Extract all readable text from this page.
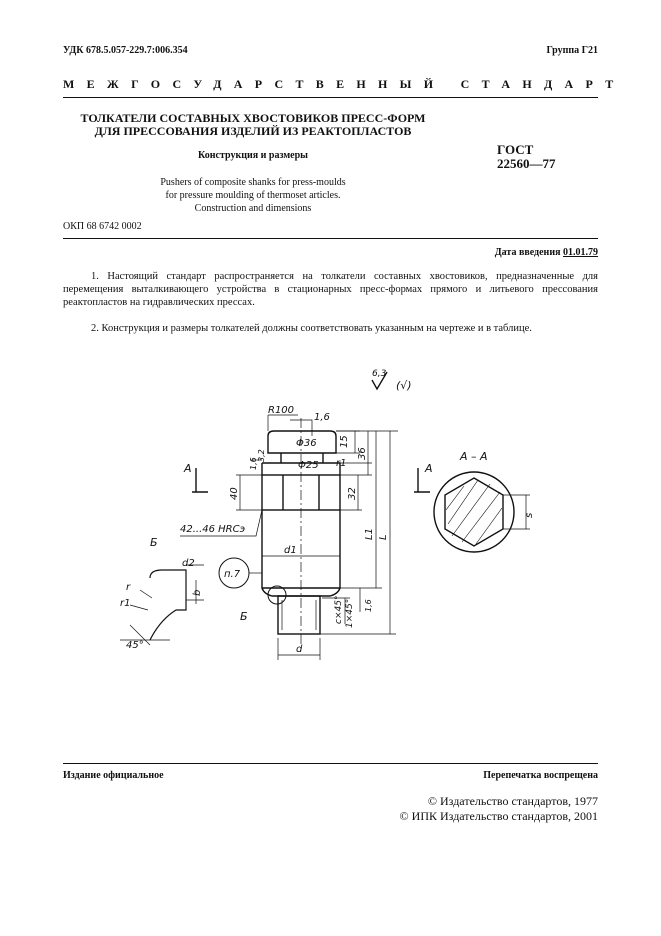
УДК 678.5.057-229.7:006.354	Группа Г21
МЕЖГОСУДАРСТВЕННЫЙ СТАНДАРТ
ТОЛКАТЕЛИ СОСТАВНЫХ ХВОСТОВИКОВ ПРЕСС-ФОРМ
ДЛЯ ПРЕССОВАНИЯ ИЗДЕЛИЙ ИЗ РЕАКТОПЛАСТОВ
Конструкция и размеры
Pushers of composite shanks for press-moulds
for pressure moulding of thermoset articles.
Construction and dimensions
ГОСТ
22560—77
ОКП 68 6742 0002
Дата введения 01.01.79
1. Настоящий стандарт распространяется на толкатели составных хвостовиков, предназначенные для перемещения выталкивающего устройства в стационарных пресс-формах прямого и литьевого прессования реактопластов на гидравлических прессах.
2. Конструкция и размеры толкателей должны соответствовать указанным на чертеже и в таблице.
6,3
(√)
R100
1,6
Φ36
Φ25 r1
15
36
32
L1 L
40
1,6
3,2
42...46 HRCэ
d1
d
c×45° 1×45° 1,6
A	A
A – A
s
Б
Б
d2
b
r
r1
45°
п.7
Издание официальное	Перепечатка воспрещена
© Издательство стандартов, 1977
© ИПК Издательство стандартов, 2001
